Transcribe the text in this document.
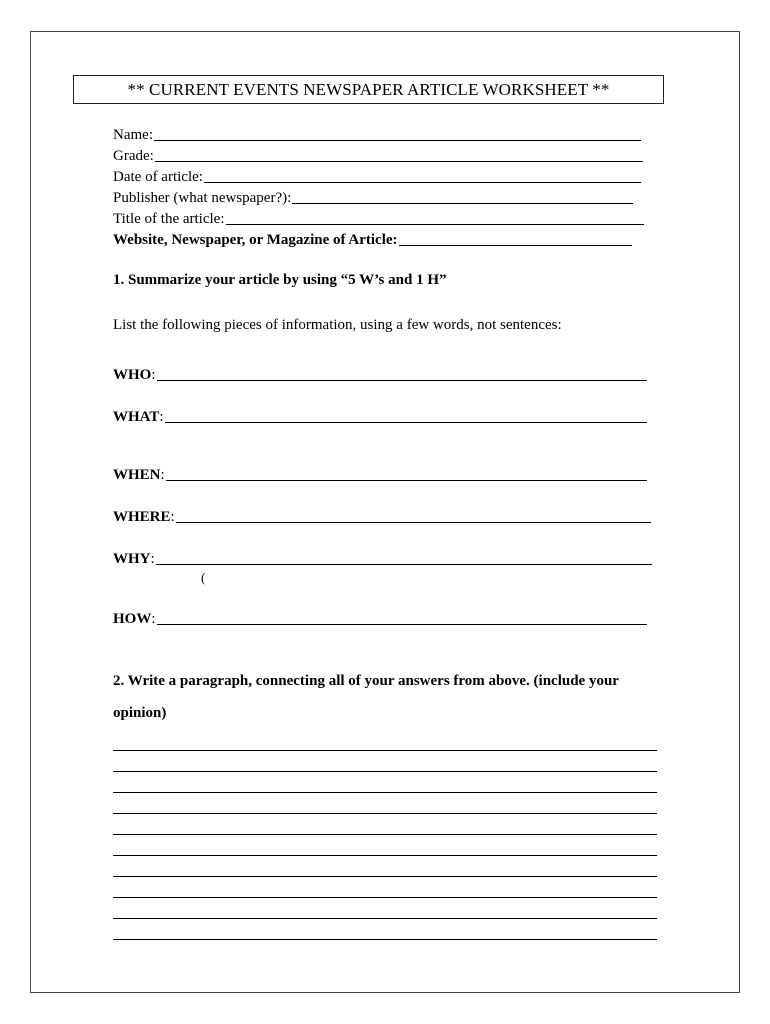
** CURRENT EVENTS NEWSPAPER ARTICLE WORKSHEET **
Name:
Grade:
Date of article:
Publisher (what newspaper?):
Title of the article:
Website, Newspaper, or Magazine of Article:
1. Summarize your article by using “5 W’s and 1 H”
List the following pieces of information, using a few words, not sentences:
WHO :
WHAT :
WHEN :
WHERE :
WHY :
(
HOW :
2. Write a paragraph, connecting all of your answers from above. (include your
opinion)
